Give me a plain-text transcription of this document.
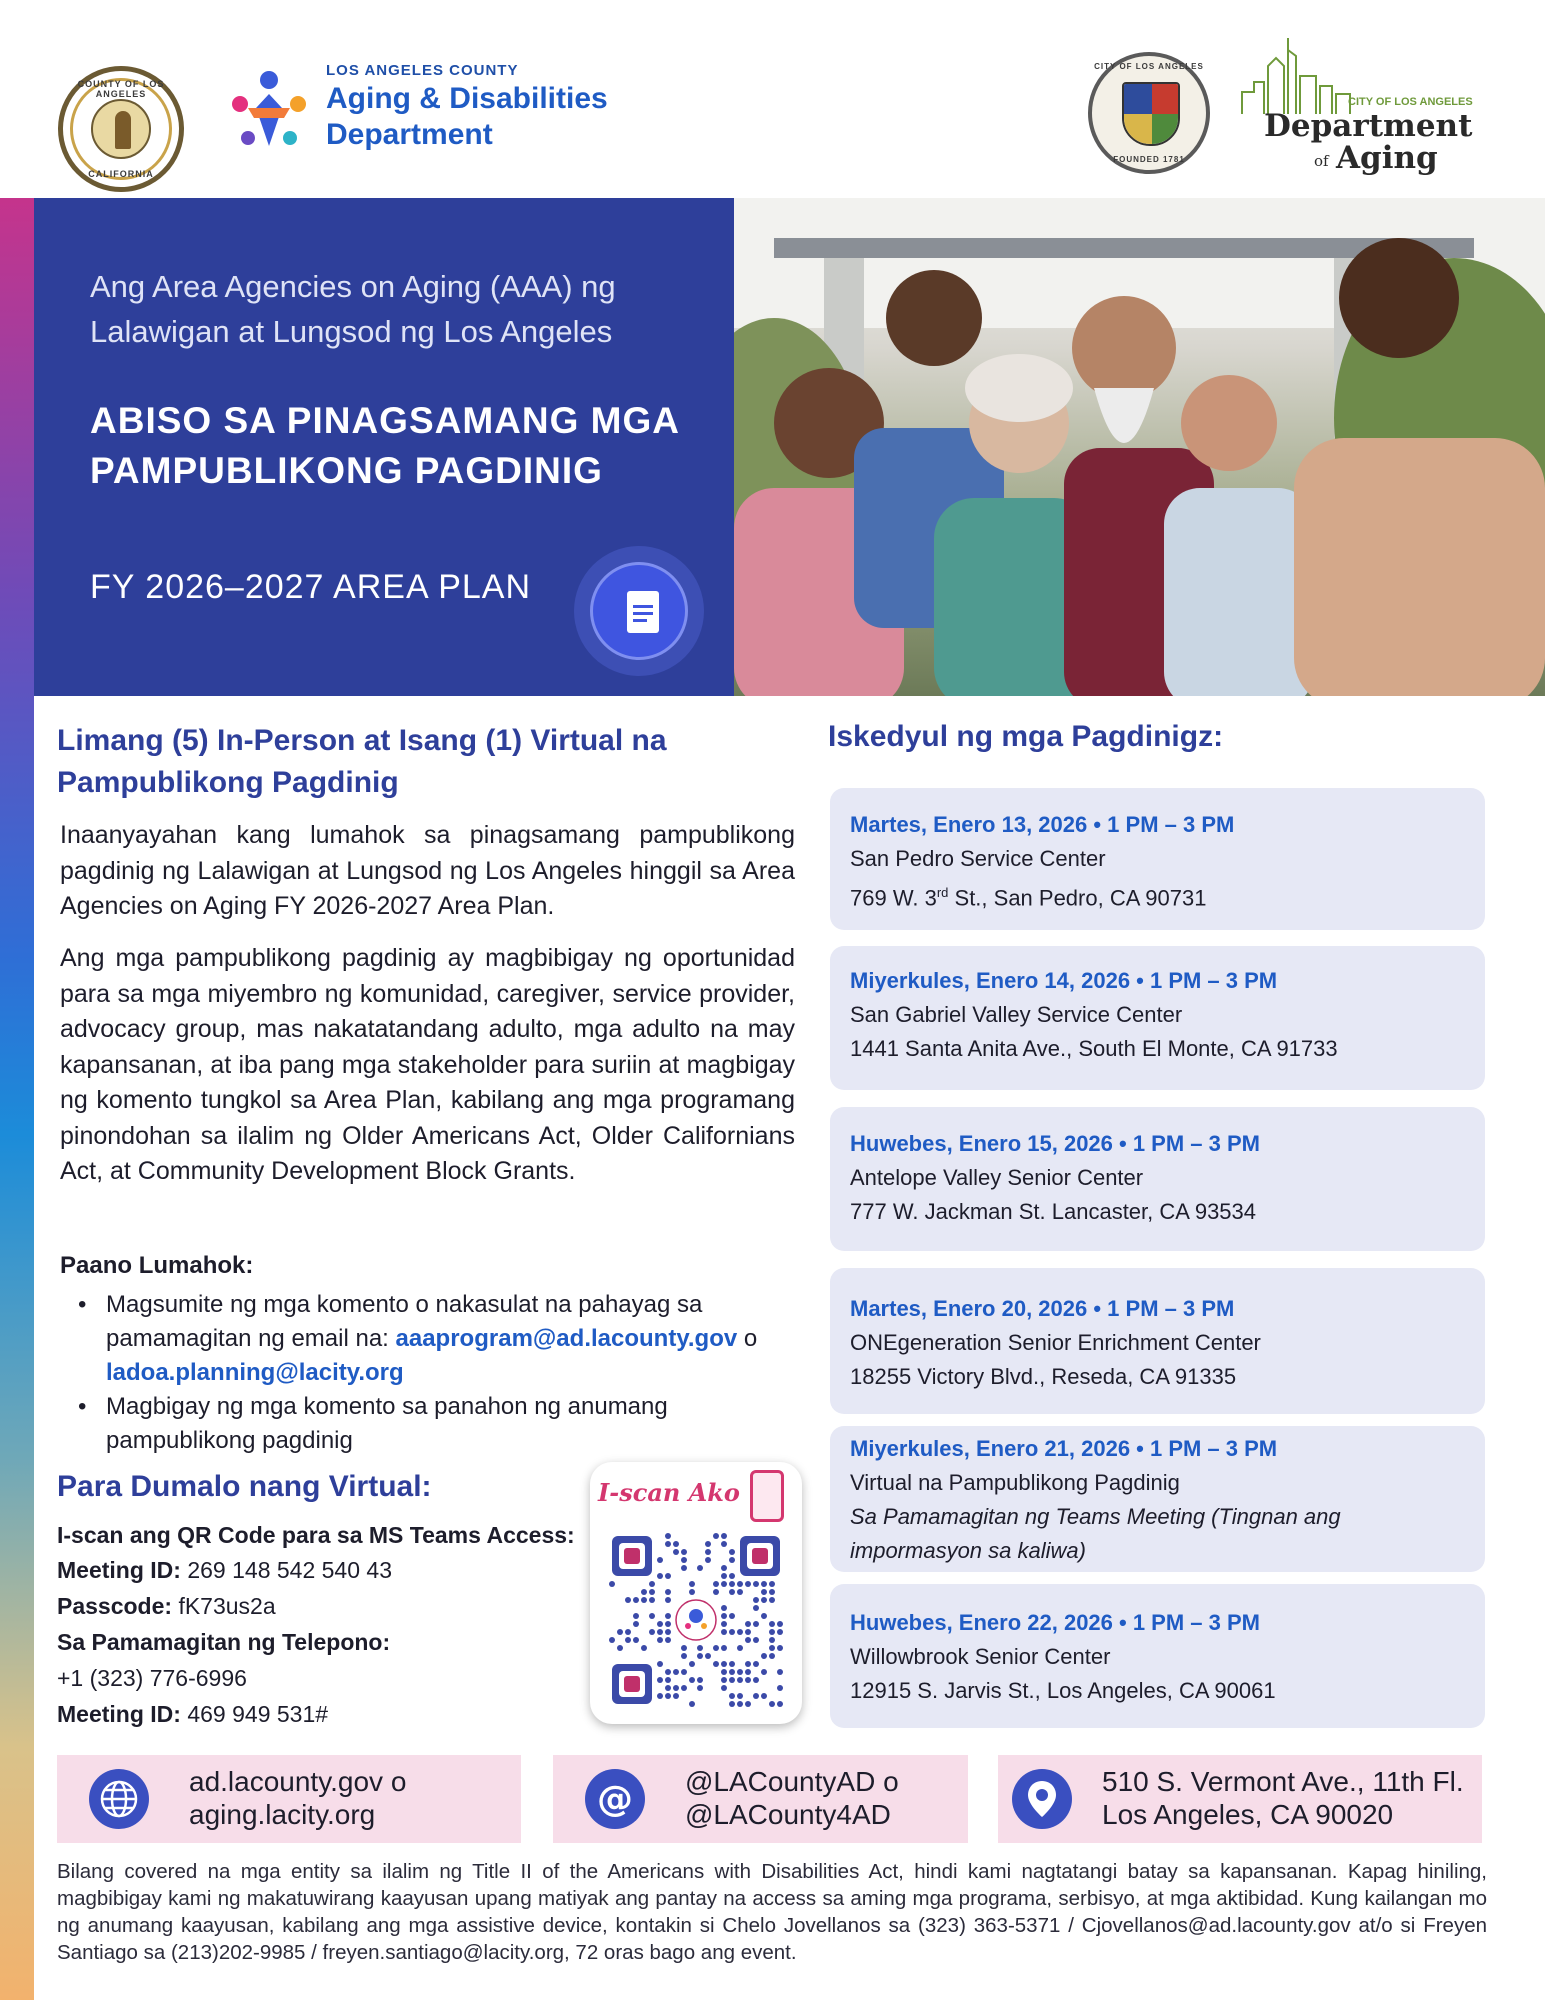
COUNTY OF LOS ANGELES
CALIFORNIA
LOS ANGELES COUNTY
Aging & Disabilities
Department
CITY OF LOS ANGELES
FOUNDED 1781
CITY OF LOS ANGELES
Department
of Aging
Ang Area Agencies on Aging (AAA) ng Lalawigan at Lungsod ng Los Angeles
ABISO SA PINAGSAMANG MGA PAMPUBLIKONG PAGDINIG
FY 2026–2027 AREA PLAN
Limang (5) In-Person at Isang (1) Virtual na Pampublikong Pagdinig
Inaanyayahan kang lumahok sa pinagsamang pampublikong pagdinig ng Lalawigan at Lungsod ng Los Angeles hinggil sa Area Agencies on Aging FY 2026-2027 Area Plan.
Ang mga pampublikong pagdinig ay magbibigay ng oportunidad para sa mga miyembro ng komunidad, caregiver, service provider, advocacy group, mas nakatatandang adulto, mga adulto na may kapansanan, at iba pang mga stakeholder para suriin at magbigay ng komento tungkol sa Area Plan, kabilang ang mga programang pinondohan sa ilalim ng Older Americans Act, Older Californians Act, at Community Development Block Grants.
Paano Lumahok:
• Magsumite ng mga komento o nakasulat na pahayag sa pamamagitan ng email na: aaaprogram@ad.lacounty.gov o ladoa.planning@lacity.org
• Magbigay ng mga komento sa panahon ng anumang pampublikong pagdinig
Para Dumalo nang Virtual:
I-scan ang QR Code para sa MS Teams Access:
Meeting ID: 269 148 542 540 43
Passcode: fK73us2a
Sa Pamamagitan ng Telepono:
+1 (323) 776-6996
Meeting ID: 469 949 531#
I-scan Ako
Iskedyul ng mga Pagdinigz:
Martes, Enero 13, 2026 • 1 PM – 3 PM
San Pedro Service Center
769 W. 3rd St., San Pedro, CA 90731
Miyerkules, Enero 14, 2026 • 1 PM – 3 PM
San Gabriel Valley Service Center
1441 Santa Anita Ave., South El Monte, CA 91733
Huwebes, Enero 15, 2026 • 1 PM – 3 PM
Antelope Valley Senior Center
777 W. Jackman St. Lancaster, CA 93534
Martes, Enero 20, 2026 • 1 PM – 3 PM
ONEgeneration Senior Enrichment Center
18255 Victory Blvd., Reseda, CA 91335
Miyerkules, Enero 21, 2026 • 1 PM – 3 PM
Virtual na Pampublikong Pagdinig
Sa Pamamagitan ng Teams Meeting (Tingnan ang impormasyon sa kaliwa)
Huwebes, Enero 22, 2026 • 1 PM – 3 PM
Willowbrook Senior Center
12915 S. Jarvis St., Los Angeles, CA 90061
ad.lacounty.gov o
aging.lacity.org	@ @LACountyAD o
@LACounty4AD
510 S. Vermont Ave., 11th Fl.
Los Angeles, CA 90020
Bilang covered na mga entity sa ilalim ng Title II of the Americans with Disabilities Act, hindi kami nagtatangi batay sa kapansanan. Kapag hiniling, magbibigay kami ng makatuwirang kaayusan upang matiyak ang pantay na access sa aming mga programa, serbisyo, at mga aktibidad. Kung kailangan mo ng anumang kaayusan, kabilang ang mga assistive device, kontakin si Chelo Jovellanos sa (323) 363-5371 / Cjovellanos@ad.lacounty.gov at/o si Freyen Santiago sa (213)202-9985 / freyen.santiago@lacity.org, 72 oras bago ang event.
